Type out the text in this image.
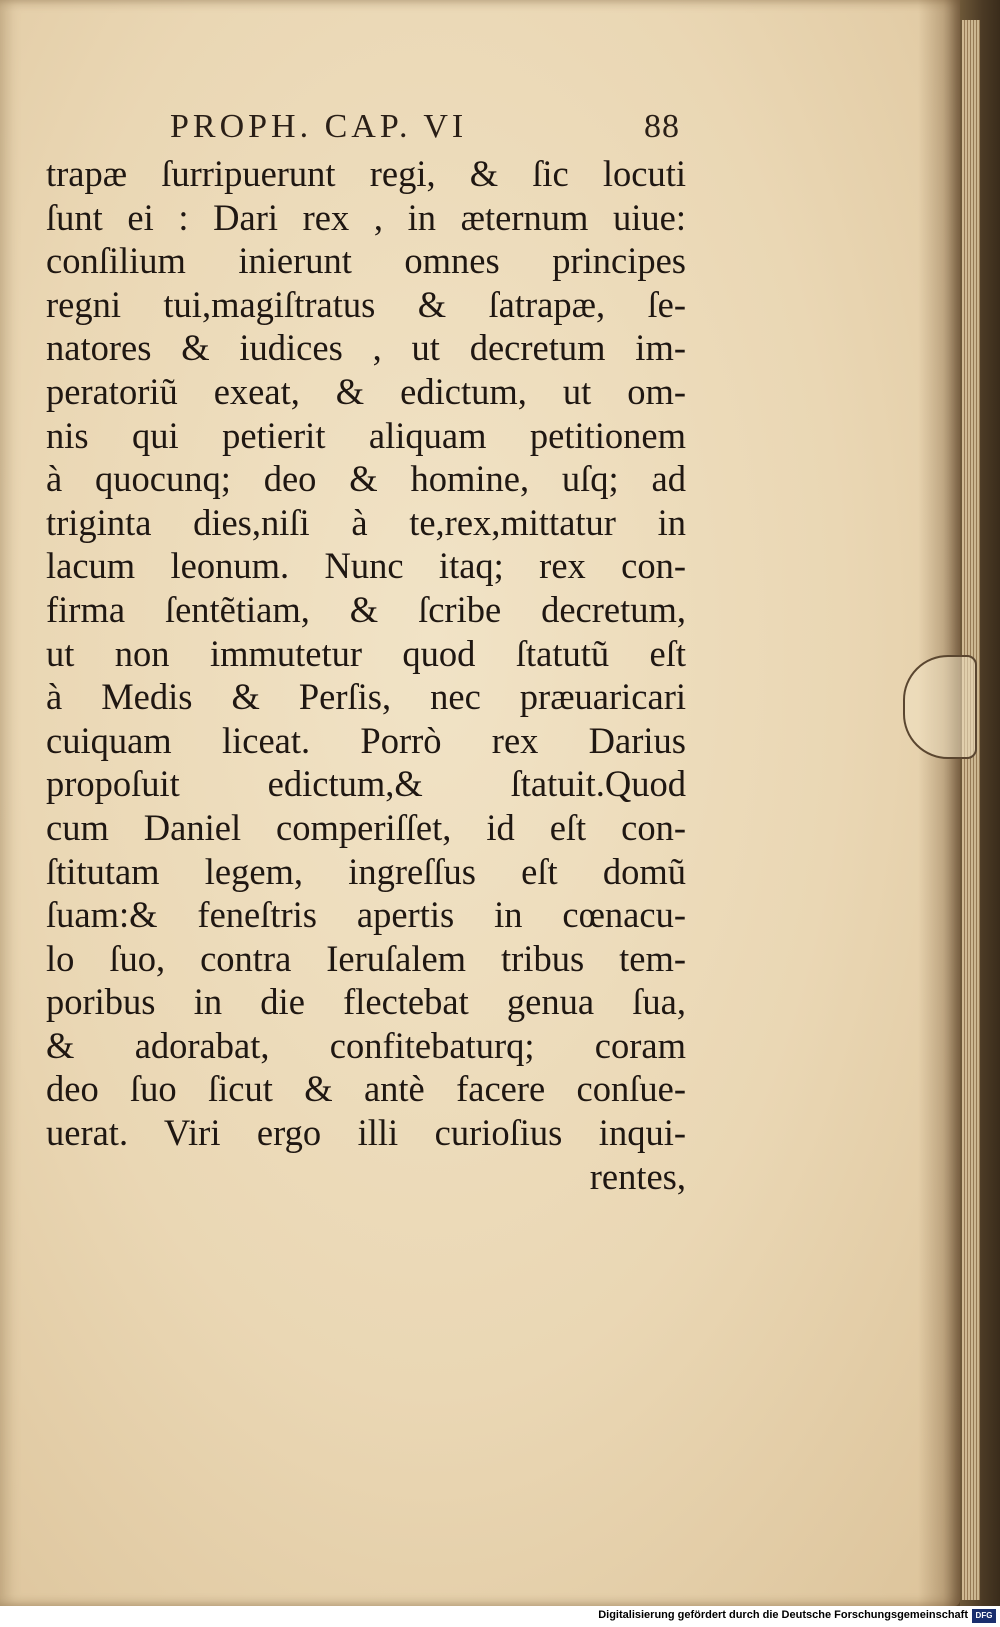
PROPH. CAP. VI	88
trapæ ſurripuerunt regi, & ſic locuti
ſunt ei : Dari rex , in æternum uiue:
conſilium inierunt omnes principes
regni tui,magiſtratus & ſatrapæ, ſe-
natores & iudices , ut decretum im-
peratoriũ exeat, & edictum, ut om-
nis qui petierit aliquam petitionem
à quocunq; deo & homine, uſq; ad
triginta dies,niſi à te,rex,mittatur in
lacum leonum. Nunc itaq; rex con-
firma ſentẽtiam, & ſcribe decretum,
ut non immutetur quod ſtatutũ eſt
à Medis & Perſis, nec præuaricari
cuiquam liceat. Porrò rex Darius
propoſuit edictum,& ſtatuit.Quod
cum Daniel comperiſſet, id eſt con-
ſtitutam legem, ingreſſus eſt domũ
ſuam:& feneſtris apertis in cœnacu-
lo ſuo, contra Ieruſalem tribus tem-
poribus in die flectebat genua ſua,
& adorabat, confitebaturq; coram
deo ſuo ſicut & antè facere conſue-
uerat. Viri ergo illi curioſius inqui-
rentes,
Digitalisierung gefördert durch die Deutsche Forschungsgemeinschaft DFG
